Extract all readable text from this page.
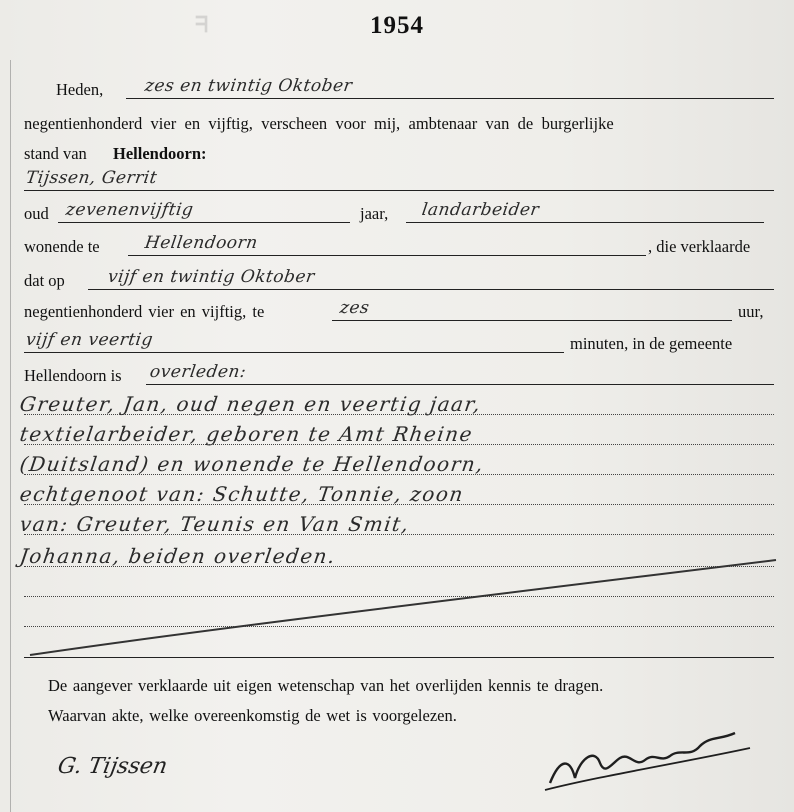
ᖷ	1954
Heden, zes en twintig Oktober
negentienhonderd vier en vijftig, verscheen voor mij, ambtenaar van de burgerlijke
stand van Hellendoorn:
Tijssen, Gerrit
oud zevenenvijftig	jaar, landarbeider
wonende te	Hellendoorn	, die verklaarde
dat op vijf en twintig Oktober
negentienhonderd vier en vijftig, te	zes	uur,
vijf en veertig	minuten, in de gemeente
Hellendoorn is overleden:
Greuter, Jan, oud negen en veertig jaar,
textielarbeider, geboren te Amt Rheine
(Duitsland) en wonende te Hellendoorn,
echtgenoot van: Schutte, Tonnie, zoon
van: Greuter, Teunis en Van Smit,
Johanna, beiden overleden.
De aangever verklaarde uit eigen wetenschap van het overlijden kennis te dragen.
Waarvan akte, welke overeenkomstig de wet is voorgelezen.
G. Tijssen
